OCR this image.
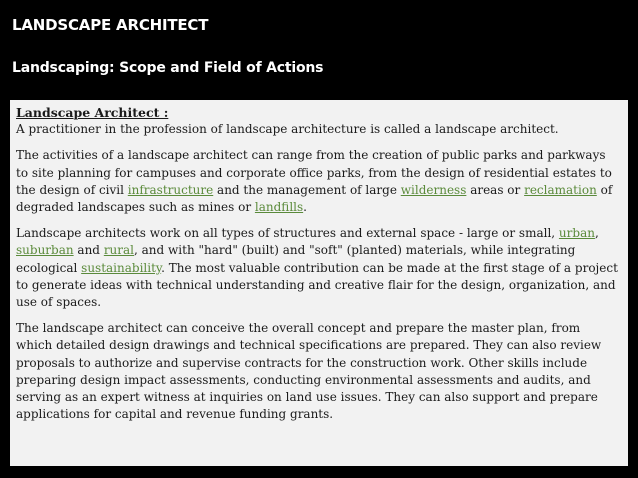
LANDSCAPE ARCHITECT
Landscaping: Scope and Field of Actions
Landscape Architect :

A practitioner in the profession of landscape architecture is called a landscape architect.

The activities of a landscape architect can range from the creation of public parks and parkways to site planning for campuses and corporate office parks, from the design of residential estates to the design of civil infrastructure and the management of large wilderness areas or reclamation of degraded landscapes such as mines or landfills.

Landscape architects work on all types of structures and external space - large or small, urban, suburban and rural, and with "hard" (built) and "soft" (planted) materials, while integrating ecological sustainability. The most valuable contribution can be made at the first stage of a project to generate ideas with technical understanding and creative flair for the design, organization, and use of spaces.

The landscape architect can conceive the overall concept and prepare the master plan, from which detailed design drawings and technical specifications are prepared. They can also review proposals to authorize and supervise contracts for the construction work. Other skills include preparing design impact assessments, conducting environmental assessments and audits, and serving as an expert witness at inquiries on land use issues. They can also support and prepare applications for capital and revenue funding grants.
